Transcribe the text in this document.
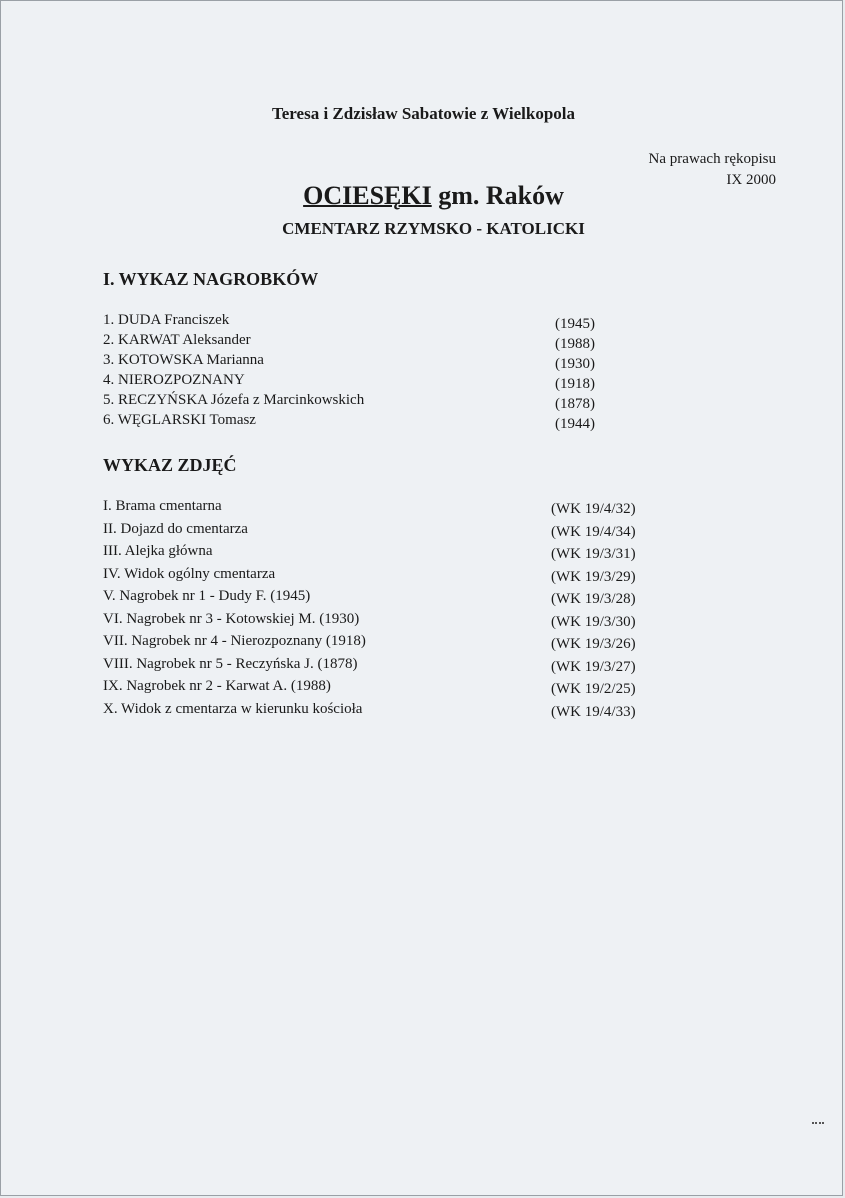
Teresa i Zdzisław Sabatowie z Wielkopola
Na prawach rękopisu
IX 2000
OCIESĘKI gm. Raków
CMENTARZ RZYMSKO - KATOLICKI
I. WYKAZ NAGROBKÓW
1. DUDA Franciszek	(1945)
2. KARWAT Aleksander	(1988)
3. KOTOWSKA Marianna	(1930)
4. NIEROZPOZNANY	(1918)
5. RECZYŃSKA Józefa z Marcinkowskich	(1878)
6. WĘGLARSKI Tomasz	(1944)
WYKAZ ZDJĘĆ
I. Brama cmentarna	(WK 19/4/32)
II. Dojazd do cmentarza	(WK 19/4/34)
III. Alejka główna	(WK 19/3/31)
IV. Widok ogólny cmentarza	(WK 19/3/29)
V. Nagrobek nr 1 - Dudy F. (1945)	(WK 19/3/28)
VI. Nagrobek nr 3 - Kotowskiej M. (1930)	(WK 19/3/30)
VII. Nagrobek nr 4 - Nierozpoznany (1918)	(WK 19/3/26)
VIII. Nagrobek nr 5 - Reczyńska J. (1878)	(WK 19/3/27)
IX. Nagrobek nr 2 - Karwat A. (1988)	(WK 19/2/25)
X. Widok z cmentarza w kierunku kościoła	(WK 19/4/33)
